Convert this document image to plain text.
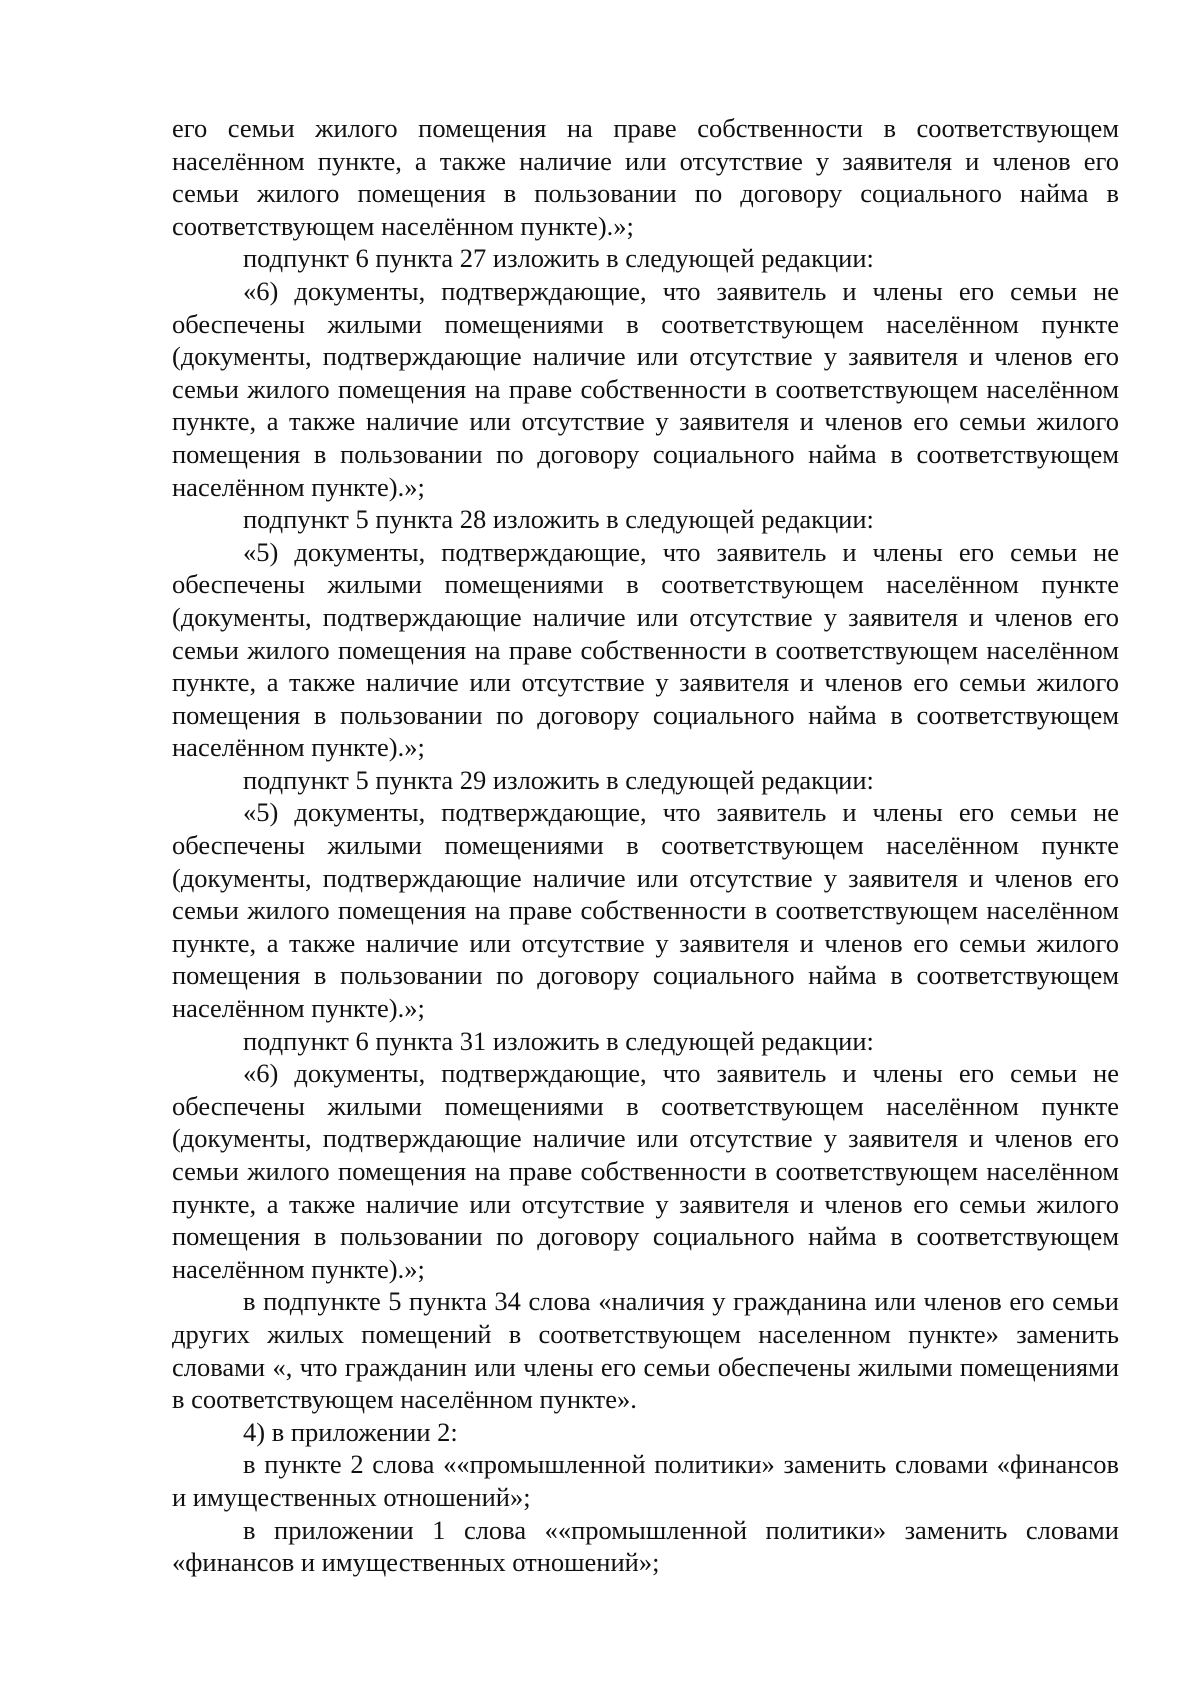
его семьи жилого помещения на праве собственности в соответствующем населённом пункте, а также наличие или отсутствие у заявителя и членов его семьи жилого помещения в пользовании по договору социального найма в соответствующем населённом пункте).»;

подпункт 6 пункта 27 изложить в следующей редакции:

«6) документы, подтверждающие, что заявитель и члены его семьи не обеспечены жилыми помещениями в соответствующем населённом пункте (документы, подтверждающие наличие или отсутствие у заявителя и членов его семьи жилого помещения на праве собственности в соответствующем населённом пункте, а также наличие или отсутствие у заявителя и членов его семьи жилого помещения в пользовании по договору социального найма в соответствующем населённом пункте).»;

подпункт 5 пункта 28 изложить в следующей редакции:

«5) документы, подтверждающие, что заявитель и члены его семьи не обеспечены жилыми помещениями в соответствующем населённом пункте (документы, подтверждающие наличие или отсутствие у заявителя и членов его семьи жилого помещения на праве собственности в соответствующем населённом пункте, а также наличие или отсутствие у заявителя и членов его семьи жилого помещения в пользовании по договору социального найма в соответствующем населённом пункте).»;

подпункт 5 пункта 29 изложить в следующей редакции:

«5) документы, подтверждающие, что заявитель и члены его семьи не обеспечены жилыми помещениями в соответствующем населённом пункте (документы, подтверждающие наличие или отсутствие у заявителя и членов его семьи жилого помещения на праве собственности в соответствующем населённом пункте, а также наличие или отсутствие у заявителя и членов его семьи жилого помещения в пользовании по договору социального найма в соответствующем населённом пункте).»;

подпункт 6 пункта 31 изложить в следующей редакции:

«6) документы, подтверждающие, что заявитель и члены его семьи не обеспечены жилыми помещениями в соответствующем населённом пункте (документы, подтверждающие наличие или отсутствие у заявителя и членов его семьи жилого помещения на праве собственности в соответствующем населённом пункте, а также наличие или отсутствие у заявителя и членов его семьи жилого помещения в пользовании по договору социального найма в соответствующем населённом пункте).»;

в подпункте 5 пункта 34 слова «наличия у гражданина или членов его семьи других жилых помещений в соответствующем населенном пункте» заменить словами «, что гражданин или члены его семьи обеспечены жилыми помещениями в соответствующем населённом пункте».

4) в приложении 2:

в пункте 2 слова ««промышленной политики» заменить словами «финансов и имущественных отношений»;

в приложении 1 слова ««промышленной политики» заменить словами «финансов и имущественных отношений»;
